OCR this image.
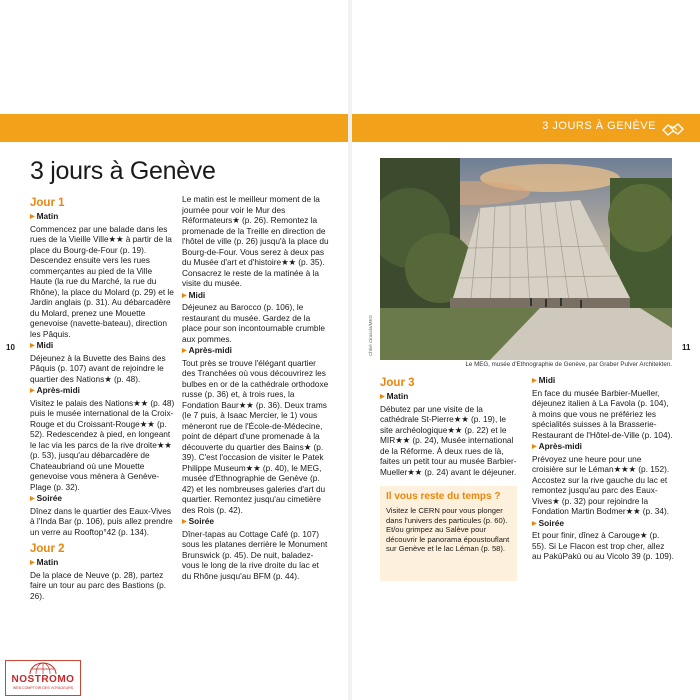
3 JOURS À GENÈVE
10	11
3 jours à Genève
Jour 1
▶ Matin

Commencez par une balade dans les rues de la Vieille Ville★★ à partir de la place du Bourg-de-Four (p. 19). Descendez ensuite vers les rues commerçantes au pied de la Ville Haute (la rue du Marché, la rue du Rhône), la place du Molard (p. 29) et le Jardin anglais (p. 31). Au débarcadère du Molard, prenez une Mouette genevoise (navette-bateau), direction les Pâquis.

▶ Midi

Déjeunez à la Buvette des Bains des Pâquis (p. 107) avant de rejoindre le quartier des Nations★ (p. 48).

▶ Après-midi

Visitez le palais des Nations★★ (p. 48) puis le musée international de la Croix-Rouge et du Croissant-Rouge★★ (p. 52). Redescendez à pied, en longeant le lac via les parcs de la rive droite★★ (p. 53), jusqu'au débarcadère de Chateaubriand où une Mouette genevoise vous mènera à Genève-Plage (p. 32).

▶ Soirée

Dînez dans le quartier des Eaux-Vives à l'Inda Bar (p. 106), puis allez prendre un verre au Rooftop°42 (p. 134).

Jour 2
▶ Matin

De la place de Neuve (p. 28), partez faire un tour au parc des Bastions (p. 26).

Le matin est le meilleur moment de la journée pour voir le Mur des Réformateurs★ (p. 26). Remontez la promenade de la Treille en direction de l'hôtel de ville (p. 26) jusqu'à la place du Bourg-de-Four. Vous serez à deux pas du Musée d'art et d'histoire★★ (p. 35). Consacrez le reste de la matinée à la visite du musée.

▶ Midi

Déjeunez au Barocco (p. 106), le restaurant du musée. Gardez de la place pour son incontournable crumble aux pommes.

▶ Après-midi

Tout près se trouve l'élégant quartier des Tranchées où vous découvrirez les bulbes en or de la cathédrale orthodoxe russe (p. 36) et, à trois rues, la Fondation Baur★★ (p. 36). Deux trams (le 7 puis, à Isaac Mercier, le 1) vous mèneront rue de l'École-de-Médecine, point de départ d'une promenade à la découverte du quartier des Bains★ (p. 39). C'est l'occasion de visiter le Patek Philippe Museum★★ (p. 40), le MEG, musée d'Ethnographie de Genève (p. 42) et les nombreuses galeries d'art du quartier. Remontez jusqu'au cimetière des Rois (p. 42).

▶ Soirée

Dîner-tapas au Cottage Café (p. 107) sous les platanes derrière le Monument Brunswick (p. 45). De nuit, baladez-vous le long de la rive droite du lac et du Rhône jusqu'au BFM (p. 44).

Chloé Cirasola/MEG
Le MEG, musée d'Ethnographie de Genève, par Graber Pulver Architekten.
Jour 3
▶ Matin

Débutez par une visite de la cathédrale St-Pierre★★ (p. 19), le site archéologique★★ (p. 22) et le MIR★★ (p. 24), Musée international de la Réforme. À deux rues de là, faites un petit tour au musée Barbier-Mueller★★ (p. 24) avant le déjeuner.

Il vous reste du temps ?
Visitez le CERN pour vous plonger dans l'univers des particules (p. 60). Et/ou grimpez au Salève pour découvrir le panorama époustouflant sur Genève et le lac Léman (p. 58).
▶ Midi

En face du musée Barbier-Mueller, déjeunez italien à La Favola (p. 104), à moins que vous ne préfériez les spécialités suisses à la Brasserie-Restaurant de l'Hôtel-de-Ville (p. 104).

▶ Après-midi

Prévoyez une heure pour une croisière sur le Léman★★★ (p. 152). Accostez sur la rive gauche du lac et remontez jusqu'au parc des Eaux-Vives★ (p. 32) pour rejoindre la Fondation Martin Bodmer★★ (p. 34).

▶ Soirée

Et pour finir, dînez à Carouge★ (p. 55). Si Le Flacon est trop cher, allez au PakùPakù ou au Vicolo 39 (p. 109).

NOSTROMO
WEB COMPTOIR DES VOYAGEURS
